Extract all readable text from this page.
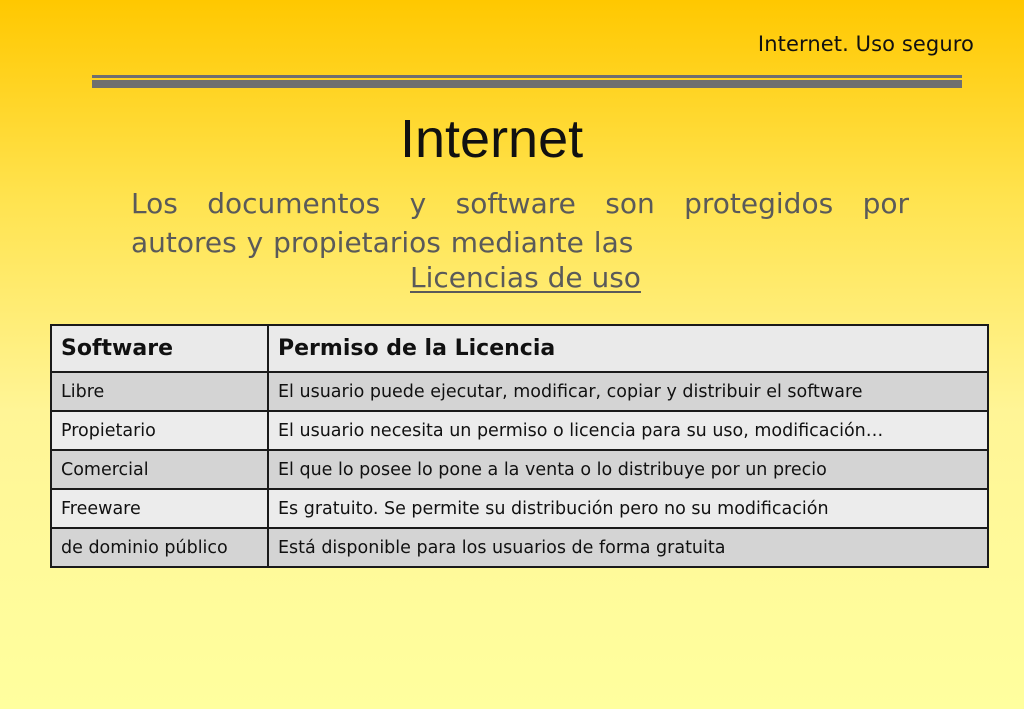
Internet. Uso seguro
Internet
Los documentos y software son protegidos por
autores y propietarios mediante las
Licencias de uso
Software	Permiso de la Licencia
Libre	El usuario puede ejecutar, modificar, copiar y distribuir el software
Propietario	El usuario necesita un permiso o licencia para su uso, modificación…
Comercial	El que lo posee lo pone a la venta o lo distribuye por un precio
Freeware	Es gratuito. Se permite su distribución pero no su modificación
de dominio público	Está disponible para los usuarios de forma gratuita
